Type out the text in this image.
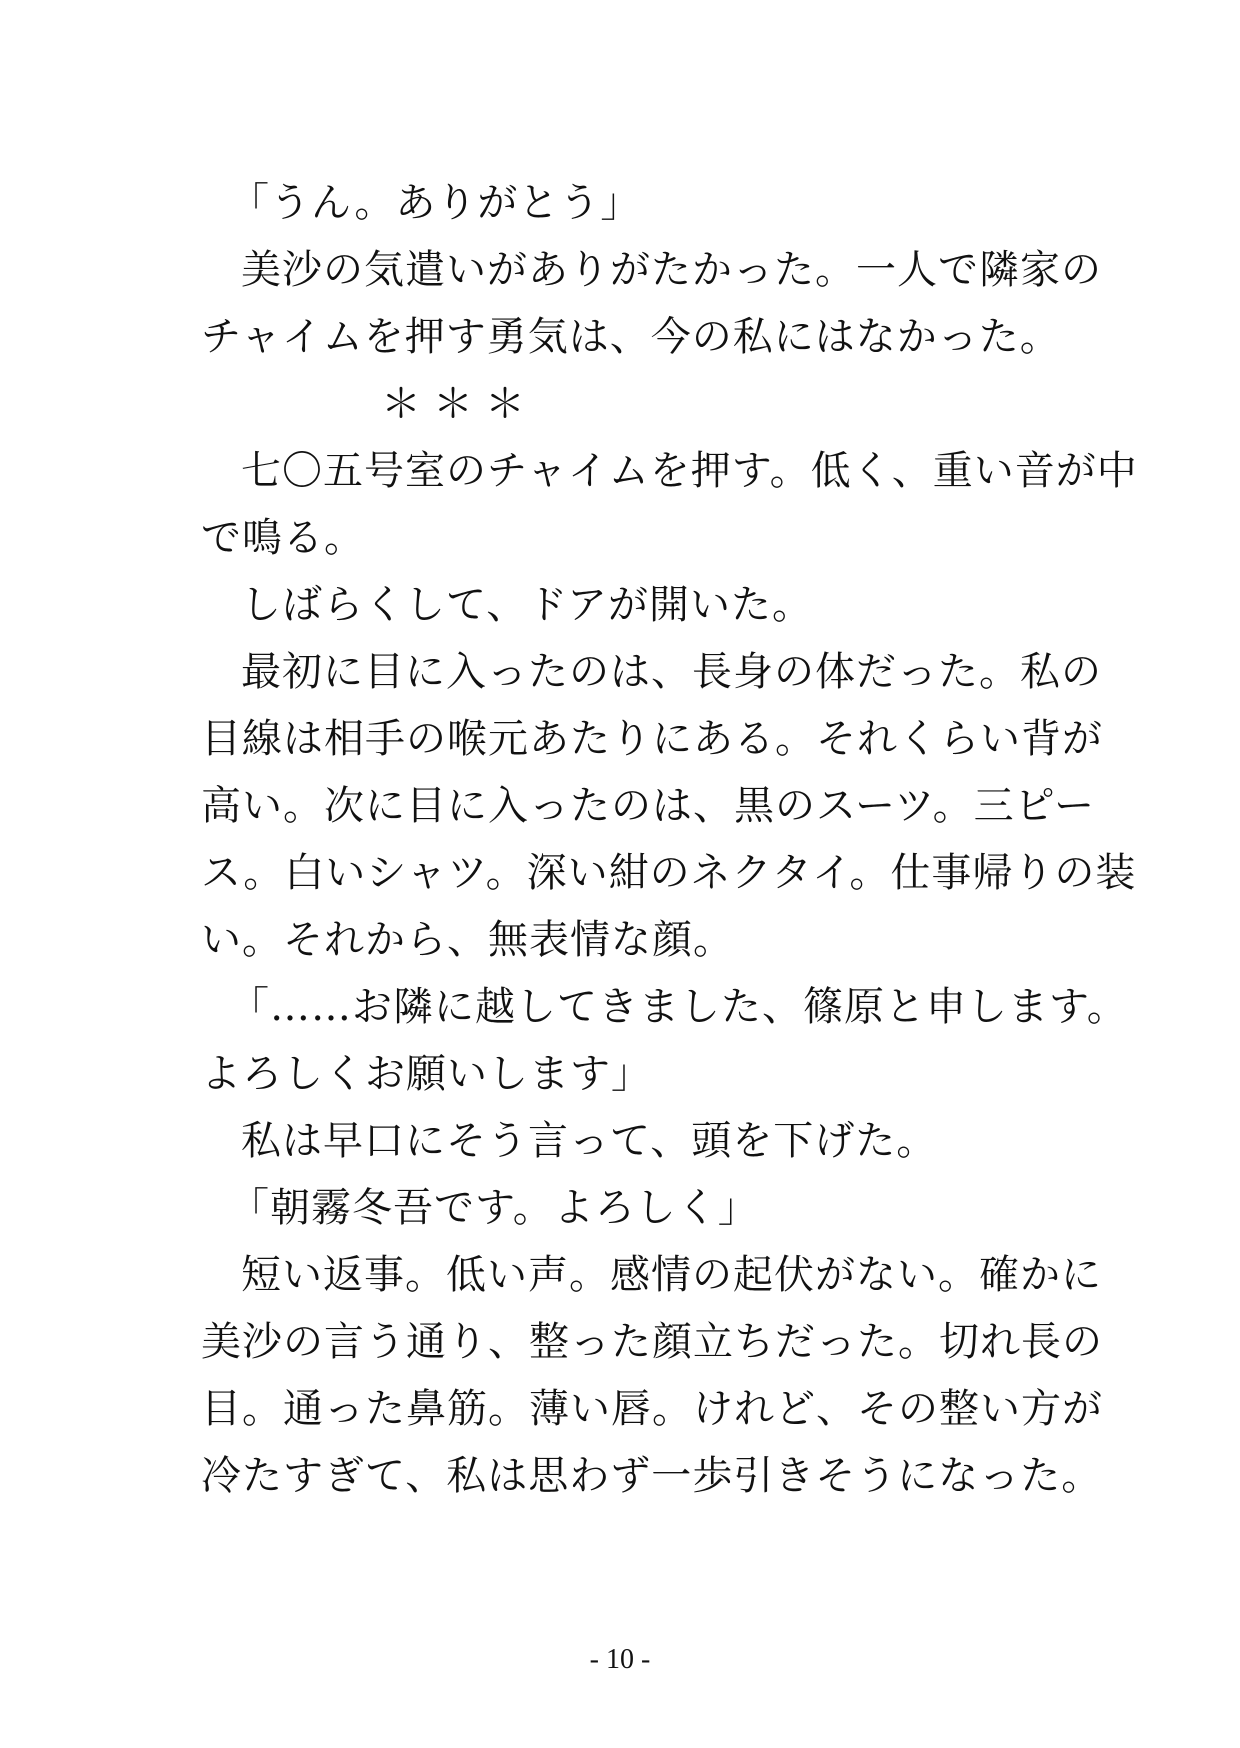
「うん。ありがとう」
美沙の気遣いがありがたかった。一人で隣家の
チャイムを押す勇気は、今の私にはなかった。
＊＊＊
七〇五号室のチャイムを押す。低く、重い音が中
で鳴る。
しばらくして、ドアが開いた。
最初に目に入ったのは、長身の体だった。私の
目線は相手の喉元あたりにある。それくらい背が
高い。次に目に入ったのは、黒のスーツ。三ピー
ス。白いシャツ。深い紺のネクタイ。仕事帰りの装
い。それから、無表情な顔。
「……お隣に越してきました、篠原と申します。
よろしくお願いします」
私は早口にそう言って、頭を下げた。
「朝霧冬吾です。よろしく」
短い返事。低い声。感情の起伏がない。確かに
美沙の言う通り、整った顔立ちだった。切れ長の
目。通った鼻筋。薄い唇。けれど、その整い方が
冷たすぎて、私は思わず一歩引きそうになった。
- 10 -
